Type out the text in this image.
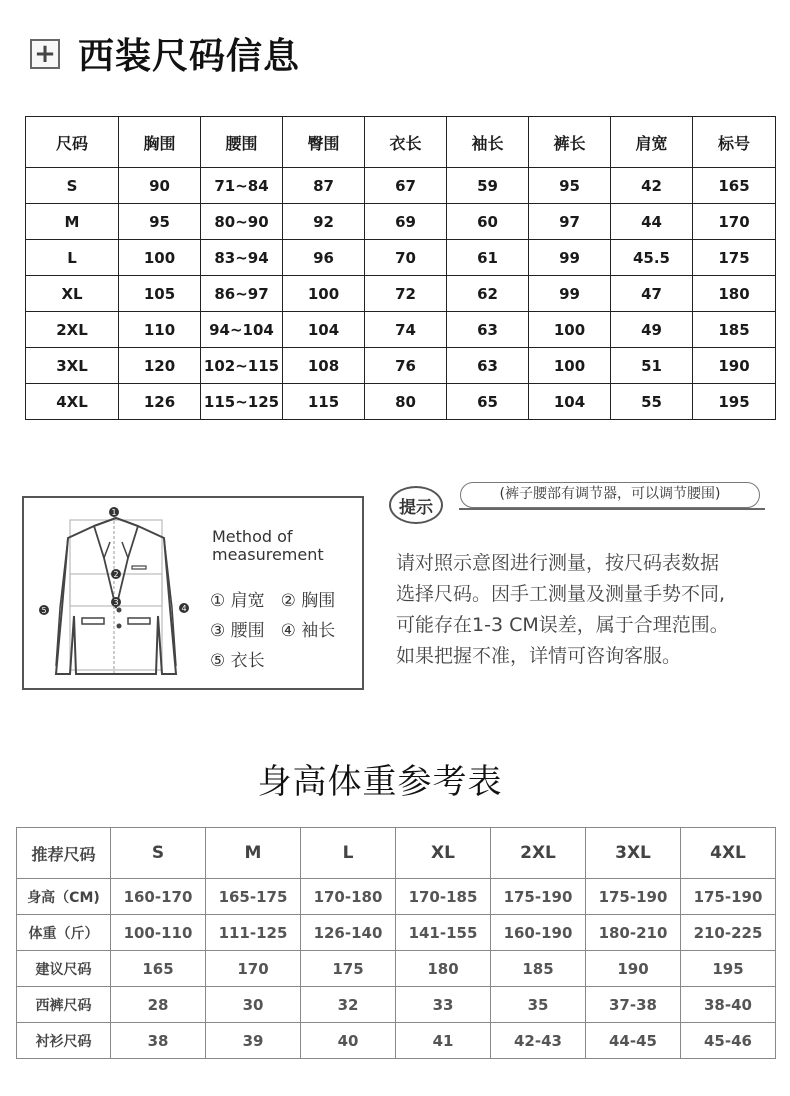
+ 西装尺码信息
尺码	胸围	腰围	臀围	衣长	袖长	裤长	肩宽	标号
S	90	71~84	87	67	59	95	42	165
M	95	80~90	92	69	60	97	44	170
L	100	83~94	96	70	61	99	45.5	175
XL	105	86~97	100	72	62	99	47	180
2XL	110	94~104	104	74	63	100	49	185
3XL	120	102~115	108	76	63	100	51	190
4XL	126	115~125	115	80	65	104	55	195
1
2
3
4
5
Method of
measurement
① 肩宽 ② 胸围
③ 腰围 ④ 袖长
⑤ 衣长
提示
(裤子腰部有调节器，可以调节腰围)
请对照示意图进行测量，按尺码表数据
选择尺码。因手工测量及测量手势不同,
可能存在1-3 CM误差，属于合理范围。
如果把握不准，详情可咨询客服。
身高体重参考表
推荐尺码	S	M	L	XL	2XL	3XL	4XL
身高（CM)	160-170	165-175	170-180	170-185	175-190	175-190	175-190
体重（斤）	100-110	111-125	126-140	141-155	160-190	180-210	210-225
建议尺码	165	170	175	180	185	190	195
西裤尺码	28	30	32	33	35	37-38	38-40
衬衫尺码	38	39	40	41	42-43	44-45	45-46
